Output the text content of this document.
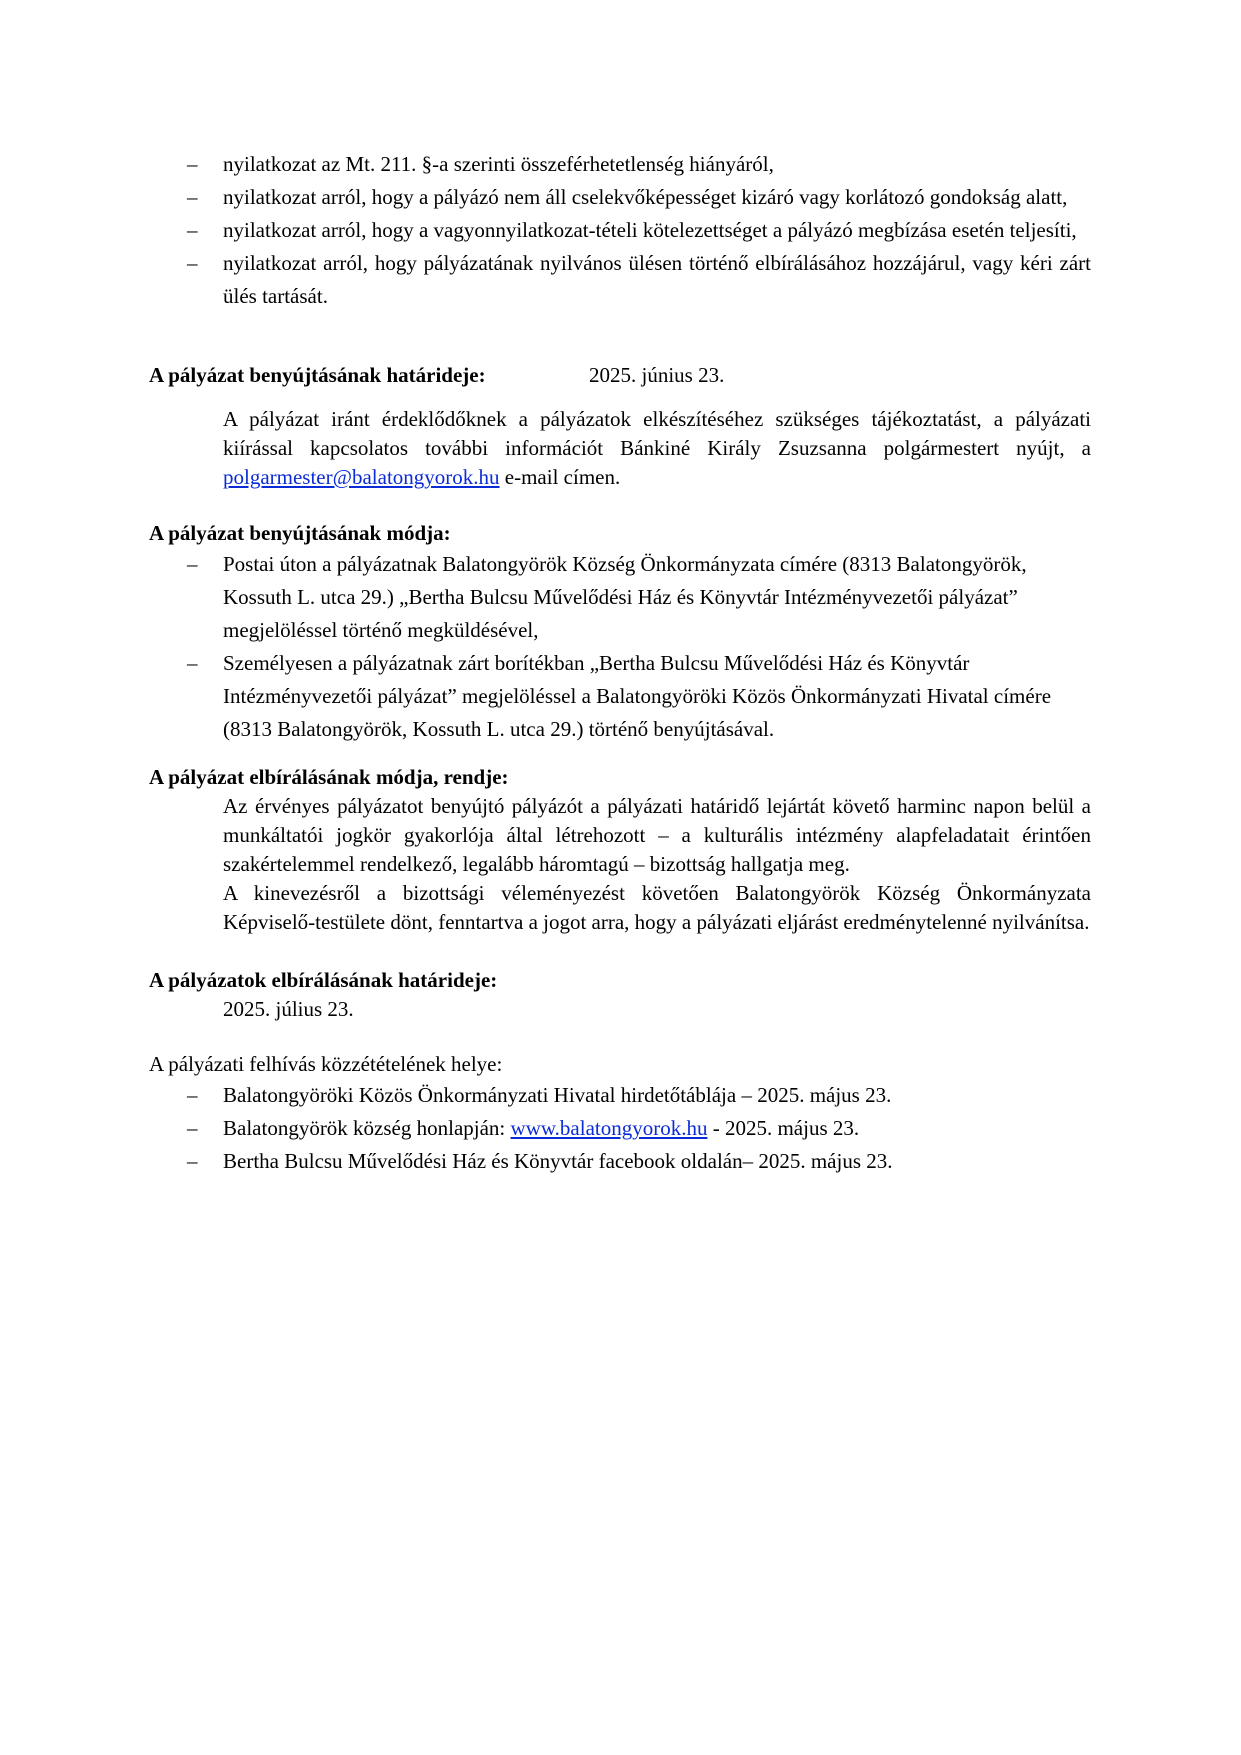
– nyilatkozat az Mt. 211. §-a szerinti összeférhetetlenség hiányáról,
– nyilatkozat arról, hogy a pályázó nem áll cselekvőképességet kizáró vagy korlátozó gondokság alatt,
– nyilatkozat arról, hogy a vagyonnyilatkozat-tételi kötelezettséget a pályázó megbízása esetén teljesíti,
– nyilatkozat arról, hogy pályázatának nyilvános ülésen történő elbírálásához hozzájárul, vagy kéri zárt ülés tartását.
A pályázat benyújtásának határideje:	2025. június 23.
A pályázat iránt érdeklődőknek a pályázatok elkészítéséhez szükséges tájékoztatást, a pályázati kiírással kapcsolatos további információt Bánkiné Király Zsuzsanna polgármestert nyújt, a polgarmester@balatongyorok.hu e-mail címen.
A pályázat benyújtásának módja:
– Postai úton a pályázatnak Balatongyörök Község Önkormányzata címére (8313 Balatongyörök, Kossuth L. utca 29.) „Bertha Bulcsu Művelődési Ház és Könyvtár Intézményvezetői pályázat” megjelöléssel történő megküldésével,
– Személyesen a pályázatnak zárt borítékban „Bertha Bulcsu Művelődési Ház és Könyvtár Intézményvezetői pályázat” megjelöléssel a Balatongyöröki Közös Önkormányzati Hivatal címére (8313 Balatongyörök, Kossuth L. utca 29.) történő benyújtásával.
A pályázat elbírálásának módja, rendje:
Az érvényes pályázatot benyújtó pályázót a pályázati határidő lejártát követő harminc napon belül a munkáltatói jogkör gyakorlója által létrehozott – a kulturális intézmény alapfeladatait érintően szakértelemmel rendelkező, legalább háromtagú – bizottság hallgatja meg.
A kinevezésről a bizottsági véleményezést követően Balatongyörök Község Önkormányzata Képviselő-testülete dönt, fenntartva a jogot arra, hogy a pályázati eljárást eredménytelenné nyilvánítsa.
A pályázatok elbírálásának határideje:
2025. július 23.
A pályázati felhívás közzétételének helye:
– Balatongyöröki Közös Önkormányzati Hivatal hirdetőtáblája – 2025. május 23.
– Balatongyörök község honlapján: www.balatongyorok.hu - 2025. május 23.
– Bertha Bulcsu Művelődési Ház és Könyvtár facebook oldalán– 2025. május 23.
